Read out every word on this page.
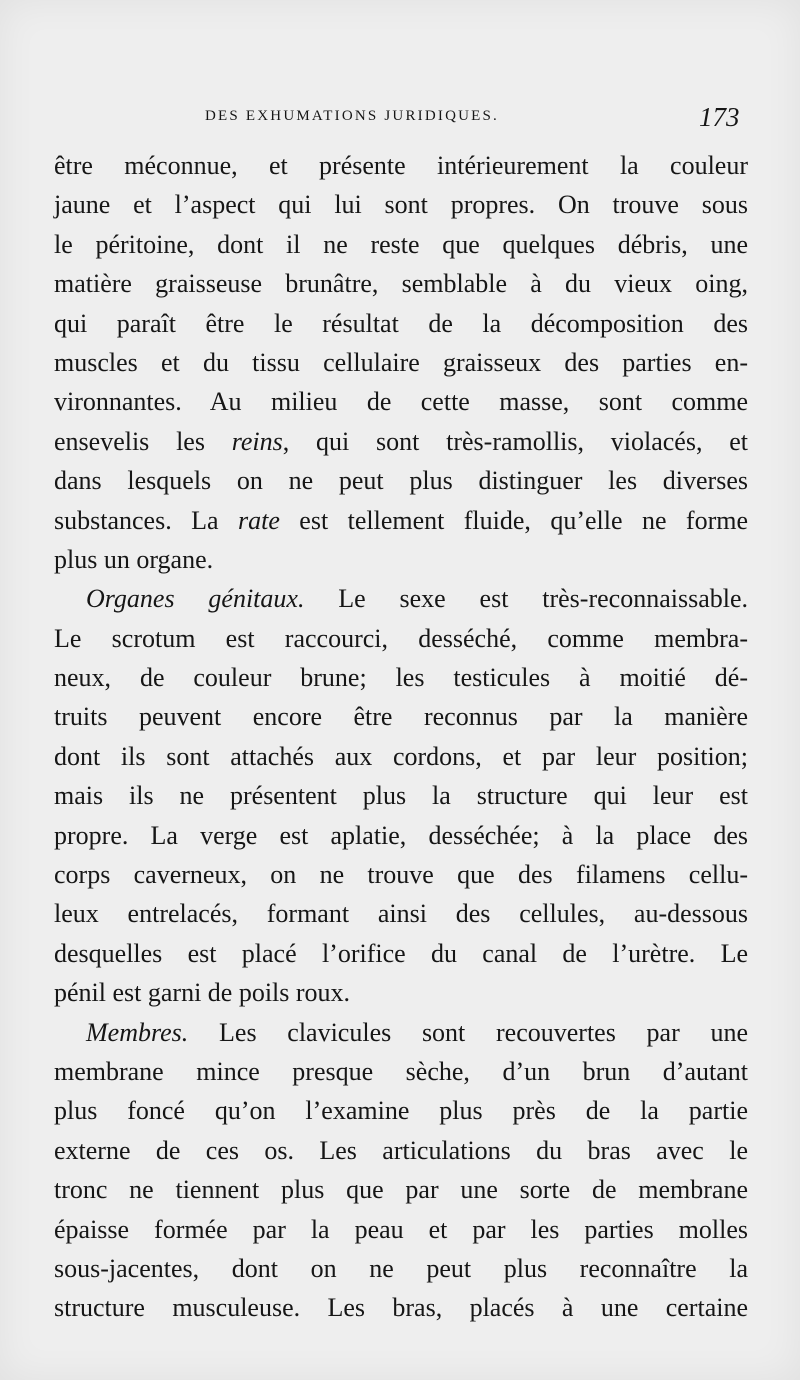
DES EXHUMATIONS JURIDIQUES.	173
être méconnue, et présente intérieurement la couleur
jaune et l’aspect qui lui sont propres. On trouve sous
le péritoine, dont il ne reste que quelques débris, une
matière graisseuse brunâtre, semblable à du vieux oing,
qui paraît être le résultat de la décomposition des
muscles et du tissu cellulaire graisseux des parties en-
vironnantes. Au milieu de cette masse, sont comme
ensevelis les reins, qui sont très-ramollis, violacés, et
dans lesquels on ne peut plus distinguer les diverses
substances. La rate est tellement fluide, qu’elle ne forme
plus un organe.
Organes génitaux. Le sexe est très-reconnaissable.
Le scrotum est raccourci, desséché, comme membra-
neux, de couleur brune; les testicules à moitié dé-
truits peuvent encore être reconnus par la manière
dont ils sont attachés aux cordons, et par leur position;
mais ils ne présentent plus la structure qui leur est
propre. La verge est aplatie, desséchée; à la place des
corps caverneux, on ne trouve que des filamens cellu-
leux entrelacés, formant ainsi des cellules, au-dessous
desquelles est placé l’orifice du canal de l’urètre. Le
pénil est garni de poils roux.
Membres. Les clavicules sont recouvertes par une
membrane mince presque sèche, d’un brun d’autant
plus foncé qu’on l’examine plus près de la partie
externe de ces os. Les articulations du bras avec le
tronc ne tiennent plus que par une sorte de membrane
épaisse formée par la peau et par les parties molles
sous-jacentes, dont on ne peut plus reconnaître la
structure musculeuse. Les bras, placés à une certaine
